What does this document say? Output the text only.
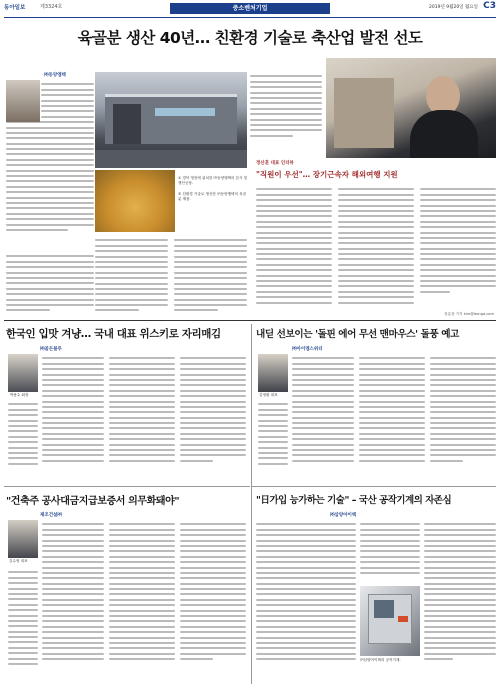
동아일보	제3324호	중소벤처기업	2019년 9월20일 월요일 C3
육골분 생산 40년… 친환경 기술로 축산업 발전 선도
㈜동양엠텍
① 경북 영천에 위치한 ㈜동양엠텍의 본사 및 생산공장.
② 친환경 기술로 생산한 ㈜동양엠텍의 육골분 제품.
정산훈 대표 인터뷰
"직원이 우선"… 장기근속자 해외여행 지원
정효정 기자 kim@donga.com
한국인 입맛 겨냥… 국내 대표 위스키로 자리매김
㈜골든블루
박용수 회장
내딛 선보이는 '돌핀 에어 무선 맨마우스' 돌풍 예고
㈜아이엠스위터
김정환 대표
"건축주 공사대금지급보증서 의무화돼야"
제조건설㈜
김수영 대표
"日가입 능가하는 기술" – 국산 공작기계의 자존심
㈜삼양아이텍
㈜삼양아이텍의 공작기계.
